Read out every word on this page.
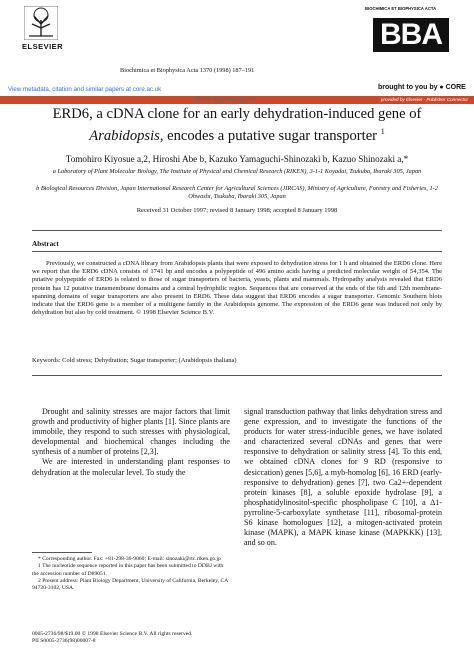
ELSEVIER
Biochimica et Biophysica Acta 1370 (1998) 187–191
BIOCHIMICA ET BIOPHYSICA ACTA
BBA
View metadata, citation and similar papers at core.ac.uk	brought to you by ● CORE
Short sequence-paper	provided by Elsevier - Publisher Connector
ERD6, a cDNA clone for an early dehydration-induced gene of
Arabidopsis, encodes a putative sugar transporter $^1$
Tomohiro Kiyosue a,2, Hiroshi Abe b, Kazuko Yamaguchi-Shinozaki b, Kazuo Shinozaki a,*
a Laboratory of Plant Molecular Biology, The Institute of Physical and Chemical Research (RIKEN), 3-1-1 Koyadai, Tsukuba, Ibaraki 305, Japan
b Biological Resources Division, Japan International Research Center for Agricultural Sciences (JIRCAS), Ministry of Agriculture, Forestry and Fisheries, 1-2 Ohwashi, Tsukuba, Ibaraki 305, Japan
Received 31 October 1997; revised 8 January 1998; accepted 8 January 1998
Abstract
Previously, we constructed a cDNA library from Arabidopsis plants that were exposed to dehydration stress for 1 h and obtained the ERD6 clone. Here we report that the ERD6 cDNA consists of 1741 bp and encodes a polypeptide of 496 amino acids having a predicted molecular weight of 54,354. The putative polypeptide of ERD6 is related to those of sugar transporters of bacteria, yeasts, plants and mammals. Hydropathy analysis revealed that ERD6 protein has 12 putative transmembrane domains and a central hydrophilic region. Sequences that are conserved at the ends of the 6th and 12th membrane-spanning domains of sugar transporters are also present in ERD6. These data suggest that ERD6 encodes a sugar transporter. Genomic Southern blots indicate that the ERD6 gene is a member of a multigene family in the Arabidopsis genome. The expression of the ERD6 gene was induced not only by dehydration but also by cold treatment. © 1998 Elsevier Science B.V.
Keywords: Cold stress; Dehydration; Sugar transporter; (Arabidopsis thaliana)

Drought and salinity stresses are major factors that limit growth and productivity of higher plants [1]. Since plants are immobile, they respond to such stresses with physiological, developmental and biochemical changes including the synthesis of a number of proteins [2,3].

We are interested in understanding plant responses to dehydration at the molecular level. To study the

signal transduction pathway that links dehydration stress and gene expression, and to investigate the functions of the products for water stress-inducible genes, we have isolated and characterized several cDNAs and genes that were responsive to dehydration or salinity stress [4]. To this end, we obtained cDNA clones for 9 RD (responsive to desiccation) genes [5,6], a myb-homolog [6], 16 ERD (early-responsive to dehydration) genes [7], two Ca2+-dependent protein kinases [8], a soluble epoxide hydrolase [9], a phosphatidylinositol-specific phospholipase C [10], a Δ1-pyrroline-5-carboxylate synthetase [11], ribosomal-protein S6 kinase homologues [12], a mitogen-activated protein kinase (MAPK), a MAPK kinase kinase (MAPKKK) [13], and so on.

* Corresponding author. Fax: +81-298-36-9060; E-mail: sinozaki@rtc.riken.go.jp
1 The nucleotide sequence reported in this paper has been submitted to DDBJ with the accession number of D89051.
2 Present address: Plant Biology Department, University of California, Berkeley, CA 94720-3102, USA.
0005-2736/98/$19.00 © 1998 Elsevier Science B.V. All rights reserved.
PII S0005-2736(98)00007-8
